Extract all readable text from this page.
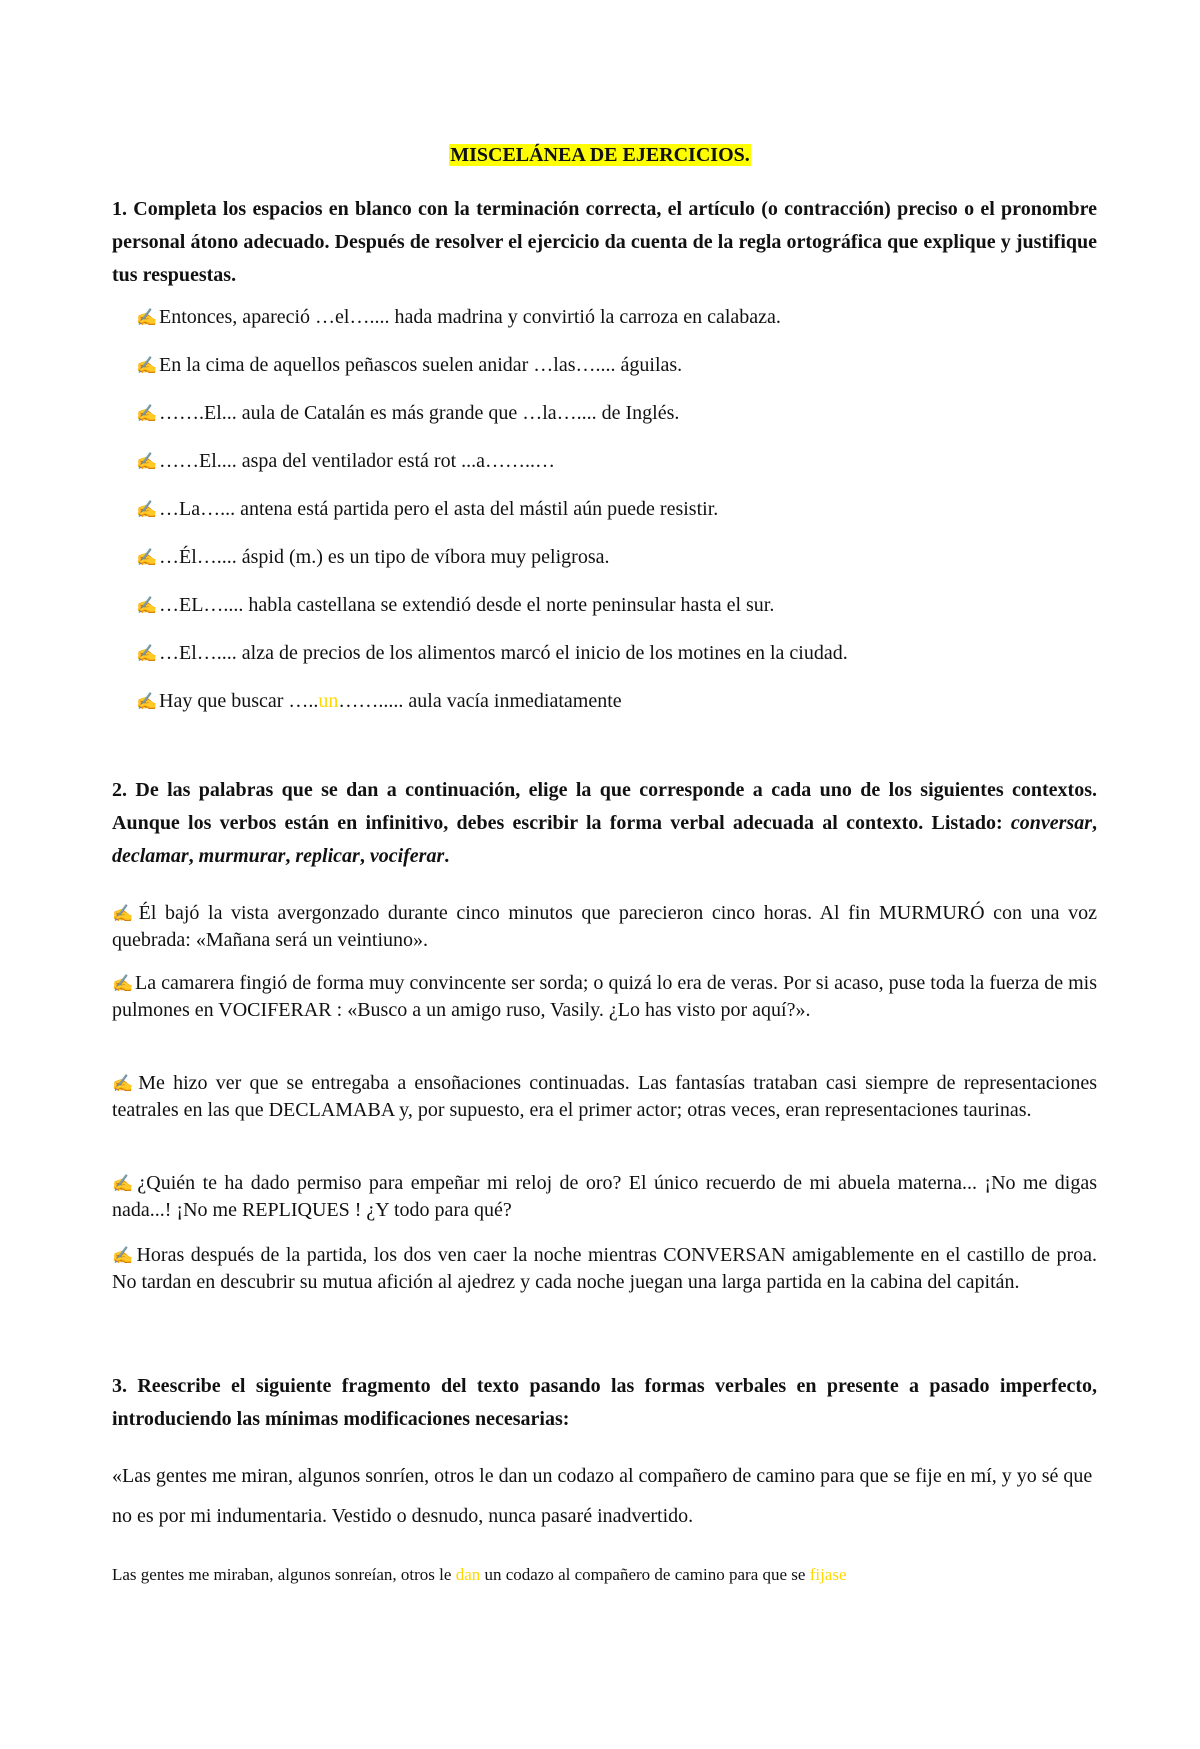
MISCELÁNEA DE EJERCICIOS.
1. Completa los espacios en blanco con la terminación correcta, el artículo (o contracción) preciso o el pronombre personal átono adecuado. Después de resolver el ejercicio da cuenta de la regla ortográfica que explique y justifique tus respuestas.
✍ Entonces, apareció …el….... hada madrina y convirtió la carroza en calabaza.
✍ En la cima de aquellos peñascos suelen anidar …las….... águilas.
✍ …….El... aula de Catalán es más grande que …la….... de Inglés.
✍ ……El.... aspa del ventilador está rot ...a……..…
✍ …La…... antena está partida pero el asta del mástil aún puede resistir.
✍ …Él….... áspid (m.) es un tipo de víbora muy peligrosa.
✍ …EL….... habla castellana se extendió desde el norte peninsular hasta el sur.
✍ …El….... alza de precios de los alimentos marcó el inicio de los motines en la ciudad.
✍ Hay que buscar …..un……..... aula vacía inmediatamente
2. De las palabras que se dan a continuación, elige la que corresponde a cada uno de los siguientes contextos. Aunque los verbos están en infinitivo, debes escribir la forma verbal adecuada al contexto. Listado: conversar, declamar, murmurar, replicar, vociferar.
✍ Él bajó la vista avergonzado durante cinco minutos que parecieron cinco horas. Al fin MURMURÓ con una voz quebrada: «Mañana será un veintiuno».
✍ La camarera fingió de forma muy convincente ser sorda; o quizá lo era de veras. Por si acaso, puse toda la fuerza de mis pulmones en VOCIFERAR : «Busco a un amigo ruso, Vasily. ¿Lo has visto por aquí?».
✍ Me hizo ver que se entregaba a ensoñaciones continuadas. Las fantasías trataban casi siempre de representaciones teatrales en las que DECLAMABA y, por supuesto, era el primer actor; otras veces, eran representaciones taurinas.
✍ ¿Quién te ha dado permiso para empeñar mi reloj de oro? El único recuerdo de mi abuela materna... ¡No me digas nada...! ¡No me REPLIQUES ! ¿Y todo para qué?
✍ Horas después de la partida, los dos ven caer la noche mientras CONVERSAN amigablemente en el castillo de proa. No tardan en descubrir su mutua afición al ajedrez y cada noche juegan una larga partida en la cabina del capitán.
3. Reescribe el siguiente fragmento del texto pasando las formas verbales en presente a pasado imperfecto, introduciendo las mínimas modificaciones necesarias:
«Las gentes me miran, algunos sonríen, otros le dan un codazo al compañero de camino para que se fije en mí, y yo sé que no es por mi indumentaria. Vestido o desnudo, nunca pasaré inadvertido.
Las gentes me miraban, algunos sonreían, otros le dan un codazo al compañero de camino para que se fijase
